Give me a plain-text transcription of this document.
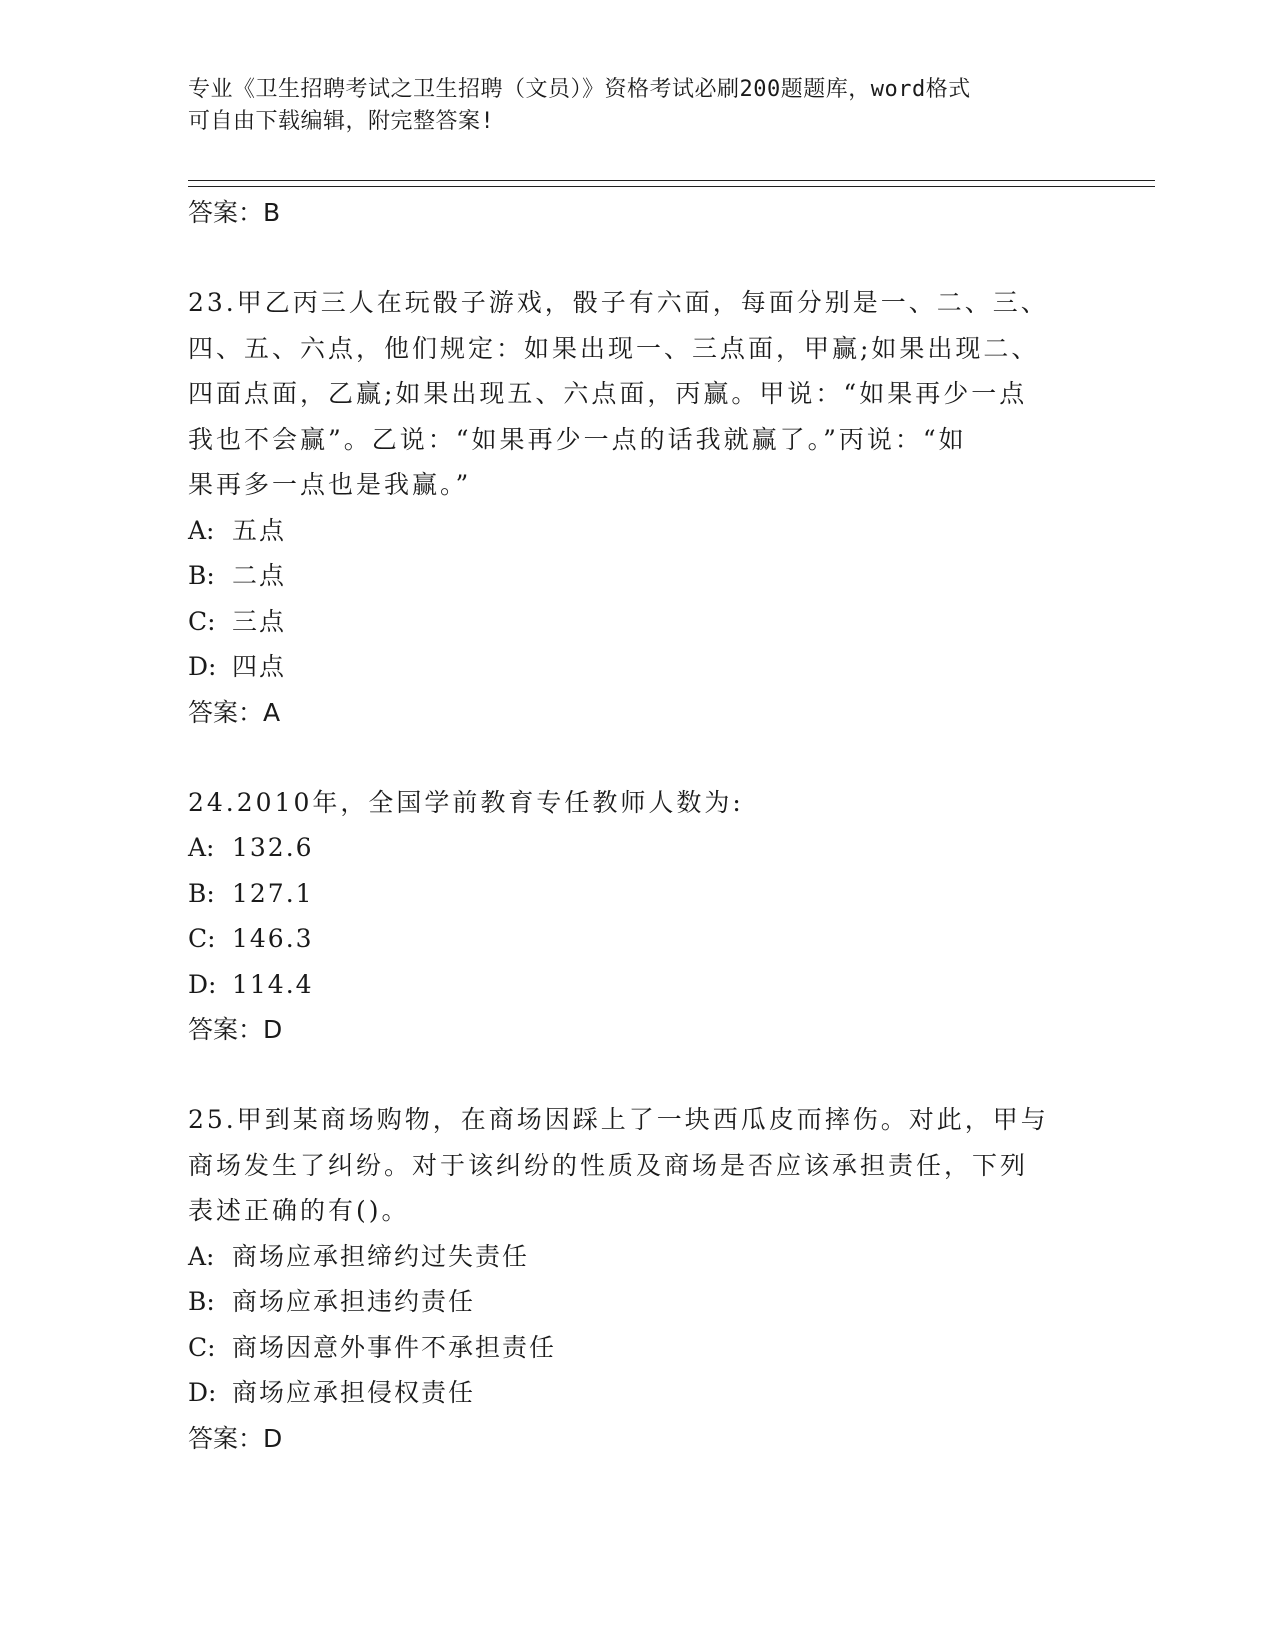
专业《卫生招聘考试之卫生招聘（文员）》资格考试必刷200题题库，word格式
可自由下载编辑，附完整答案!
答案：B
23.甲乙丙三人在玩骰子游戏，骰子有六面，每面分别是一、二、三、
四、五、六点，他们规定：如果出现一、三点面，甲赢;如果出现二、
四面点面，乙赢;如果出现五、六点面，丙赢。甲说：“如果再少一点
我也不会赢”。乙说：“如果再少一点的话我就赢了。”丙说：“如
果再多一点也是我赢。”
A: 五点
B: 二点
C: 三点
D: 四点
答案：A
24.2010年，全国学前教育专任教师人数为:
A: 132.6
B: 127.1
C: 146.3
D: 114.4
答案：D
25.甲到某商场购物，在商场因踩上了一块西瓜皮而摔伤。对此，甲与
商场发生了纠纷。对于该纠纷的性质及商场是否应该承担责任，下列
表述正确的有()。
A: 商场应承担缔约过失责任
B: 商场应承担违约责任
C: 商场因意外事件不承担责任
D: 商场应承担侵权责任
答案：D
